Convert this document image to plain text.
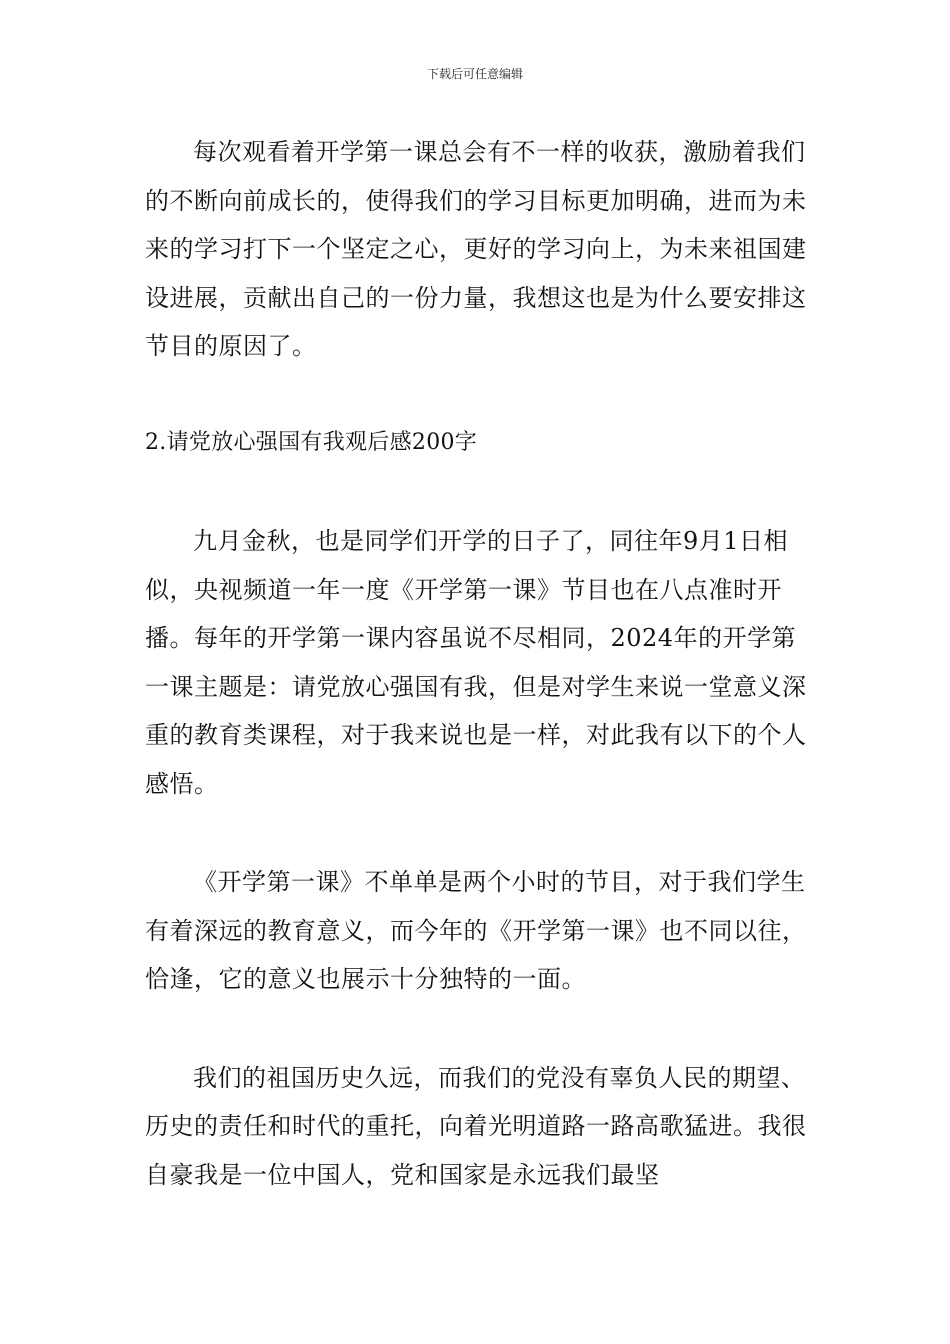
下载后可任意编辑

每次观看着开学第一课总会有不一样的收获，激励着我们的不断向前成长的，使得我们的学习目标更加明确，进而为未来的学习打下一个坚定之心，更好的学习向上，为未来祖国建设进展，贡献出自己的一份力量，我想这也是为什么要安排这节目的原因了。

2.请党放心强国有我观后感200字

九月金秋，也是同学们开学的日子了，同往年9月1日相似，央视频道一年一度《开学第一课》节目也在八点准时开播。每年的开学第一课内容虽说不尽相同，2024年的开学第一课主题是：请党放心强国有我，但是对学生来说一堂意义深重的教育类课程，对于我来说也是一样，对此我有以下的个人感悟。

《开学第一课》不单单是两个小时的节目，对于我们学生有着深远的教育意义，而今年的《开学第一课》也不同以往，恰逢，它的意义也展示十分独特的一面。

我们的祖国历史久远，而我们的党没有辜负人民的期望、历史的责任和时代的重托，向着光明道路一路高歌猛进。我很自豪我是一位中国人，党和国家是永远我们最坚
